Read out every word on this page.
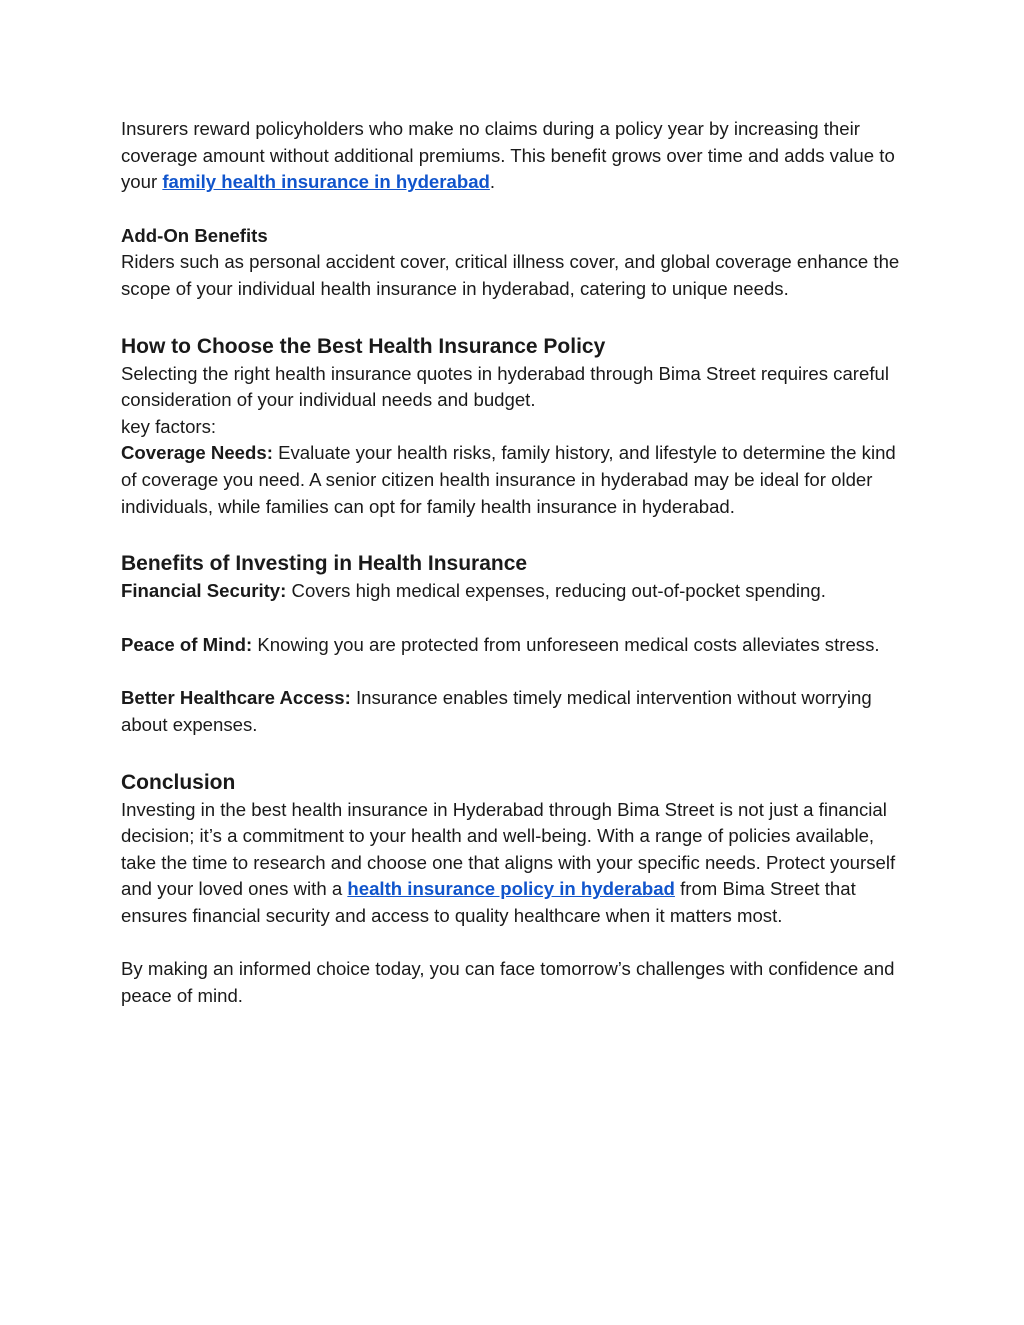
Insurers reward policyholders who make no claims during a policy year by increasing their coverage amount without additional premiums. This benefit grows over time and adds value to your family health insurance in hyderabad.

Add-On Benefits

Riders such as personal accident cover, critical illness cover, and global coverage enhance the scope of your individual health insurance in hyderabad, catering to unique needs.

How to Choose the Best Health Insurance Policy

Selecting the right health insurance quotes in hyderabad through Bima Street requires careful consideration of your individual needs and budget.

key factors:

Coverage Needs: Evaluate your health risks, family history, and lifestyle to determine the kind of coverage you need. A senior citizen health insurance in hyderabad may be ideal for older individuals, while families can opt for family health insurance in hyderabad.

Benefits of Investing in Health Insurance

Financial Security: Covers high medical expenses, reducing out-of-pocket spending.

Peace of Mind: Knowing you are protected from unforeseen medical costs alleviates stress.

Better Healthcare Access: Insurance enables timely medical intervention without worrying about expenses.

Conclusion

Investing in the best health insurance in Hyderabad through Bima Street is not just a financial decision; it’s a commitment to your health and well-being. With a range of policies available, take the time to research and choose one that aligns with your specific needs. Protect yourself and your loved ones with a health insurance policy in hyderabad from Bima Street that ensures financial security and access to quality healthcare when it matters most.

By making an informed choice today, you can face tomorrow’s challenges with confidence and peace of mind.
